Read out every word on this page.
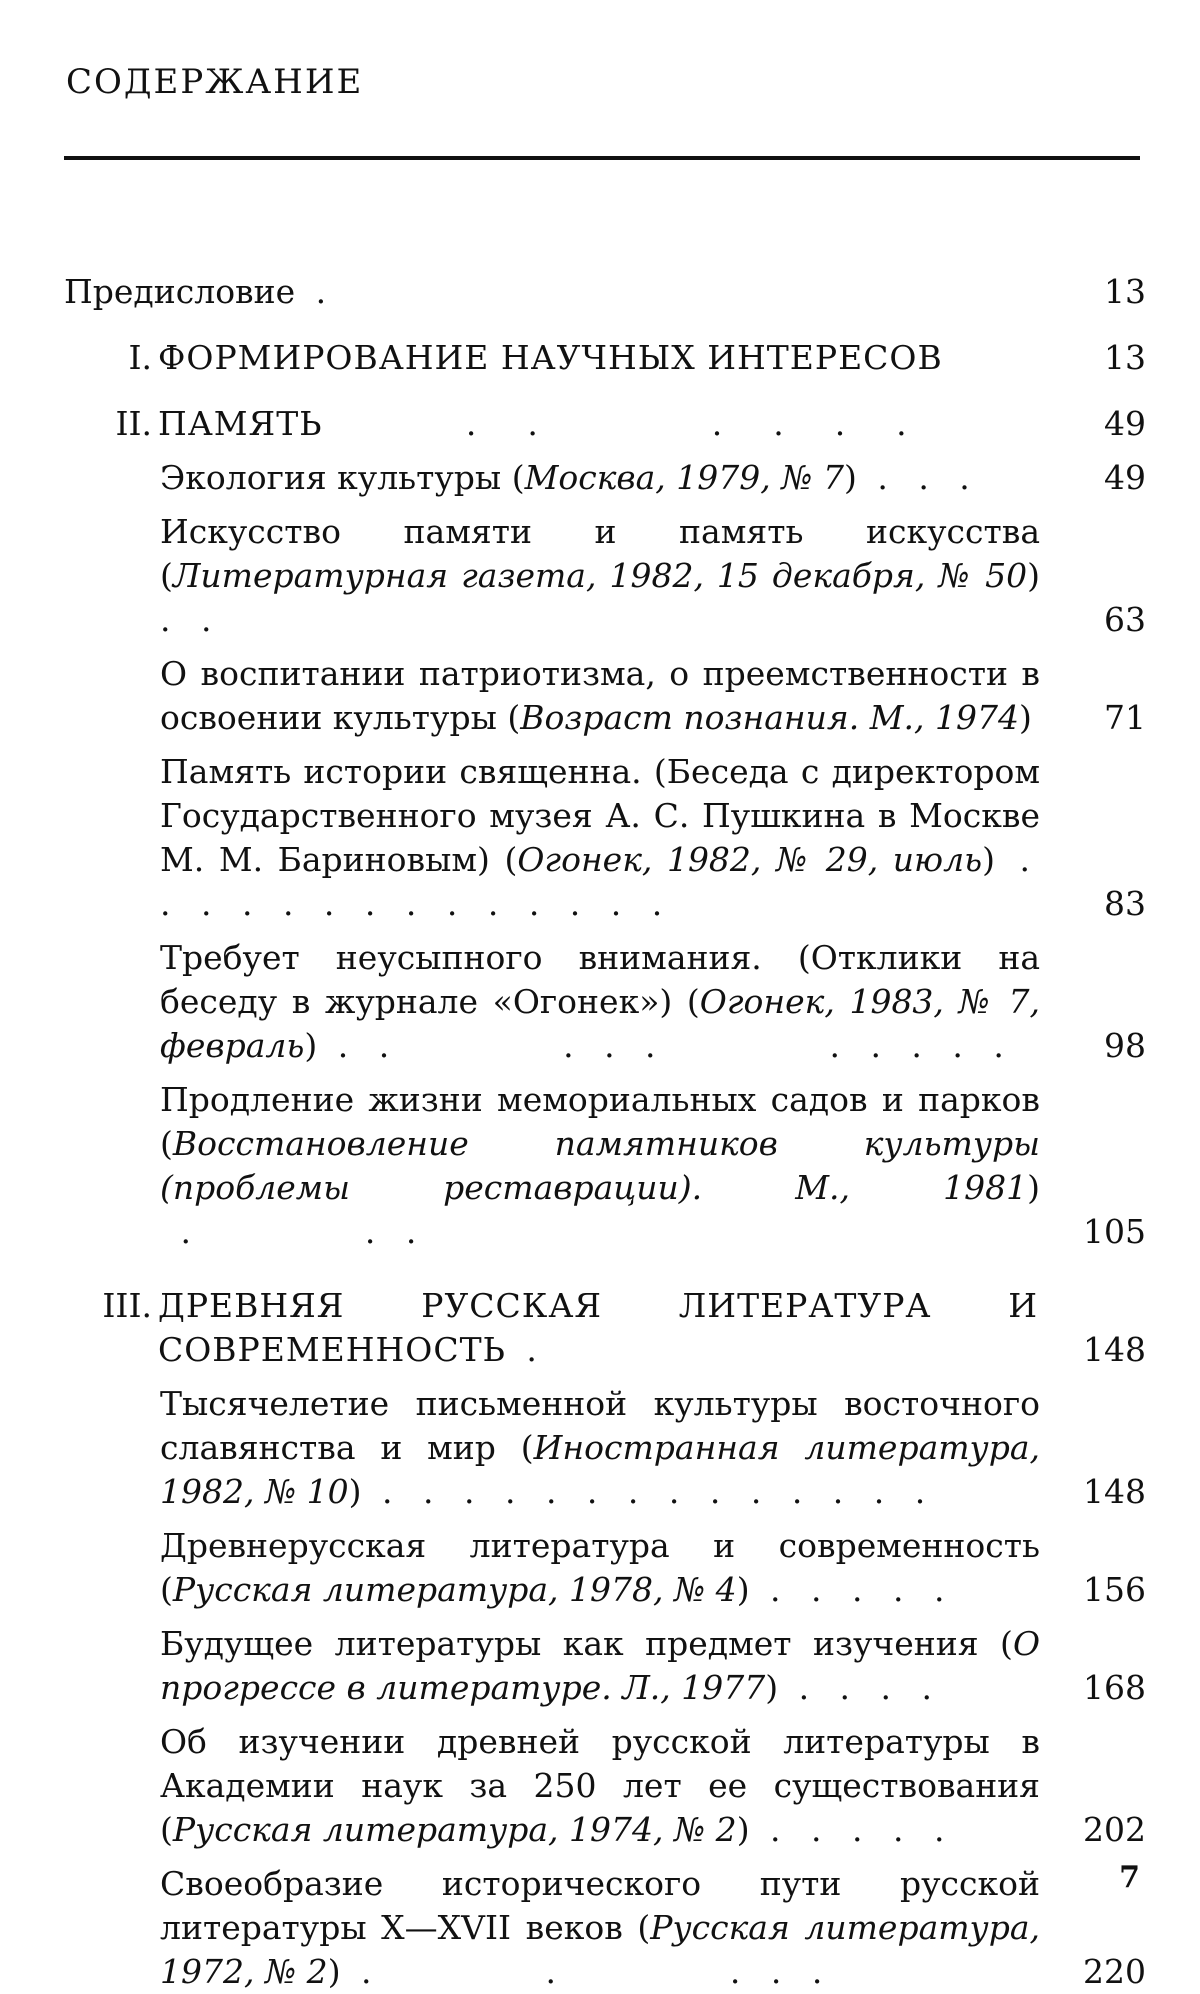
СОДЕРЖАНИЕ
Предисловие .	13
I. ФОРМИРОВАНИЕ НАУЧНЫХ ИНТЕРЕСОВ	13
II. ПАМЯТЬ       .  .        .  .  .  .	49
Экология культуры (Москва, 1979, № 7) . . .	49
Искусство памяти и память искусства (Литературная газета, 1982, 15 декабря, № 50) . .	63
О воспитании патриотизма, о преемственности в освоении культуры (Возраст познания. М., 1974)	71
Память истории священна. (Беседа с директором Государственного музея А. С. Пушкина в Москве М. М. Бариновым) (Огонек, 1982, № 29, июль) . . . . . . . . . . . . . .	83
Требует неусыпного внимания. (Отклики на беседу в журнале «Огонек») (Огонек, 1983, № 7, февраль) . .        . . .        . . . . .	98
Продление жизни мемориальных садов и парков (Восстановление памятников культуры (проблемы реставрации). М., 1981) .        . .	105
III. ДРЕВНЯЯ РУССКАЯ ЛИТЕРАТУРА И СОВРЕМЕННОСТЬ .	148
Тысячелетие письменной культуры восточного славянства и мир (Иностранная литература, 1982, № 10) . . . . . . . . . . . . . .	148
Древнерусская литература и современность (Русская литература, 1978, № 4) . . . . .	156
Будущее литературы как предмет изучения (О прогрессе в литературе. Л., 1977) . . . .	168
Об изучении древней русской литературы в Академии наук за 250 лет ее существования (Русская литература, 1974, № 2) . . . . .	202
Своеобразие исторического пути русской литературы X—XVII веков (Русская литература, 1972, № 2) .        .        . . .	220
7
